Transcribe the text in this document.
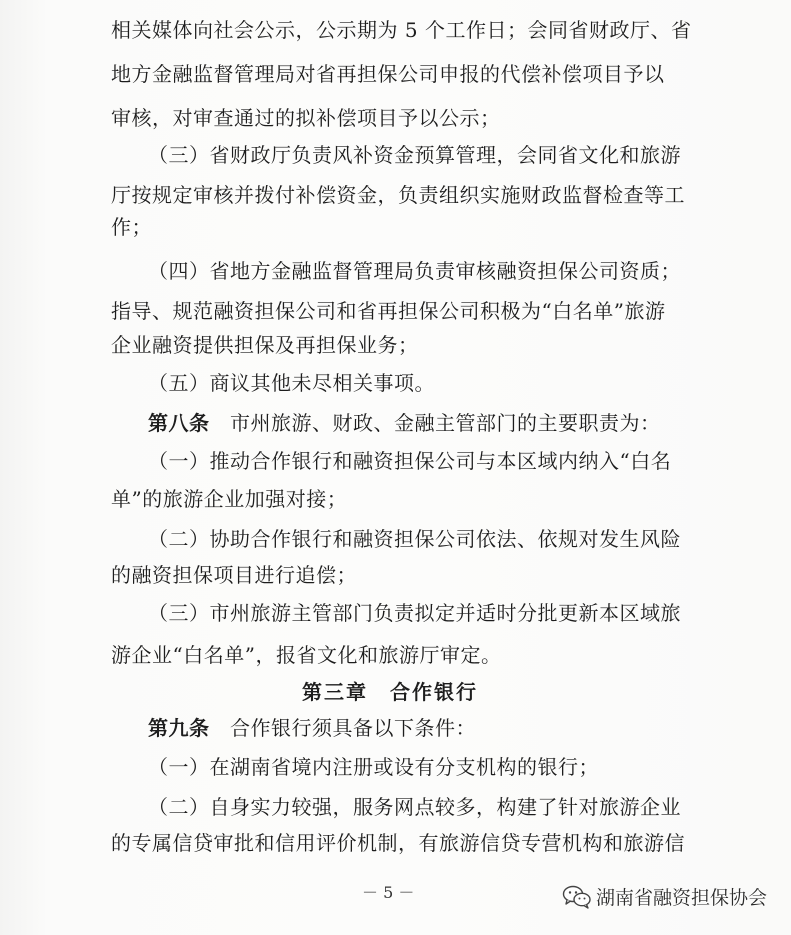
相关媒体向社会公示，公示期为 5 个工作日；会同省财政厅、省
地方金融监督管理局对省再担保公司申报的代偿补偿项目予以
审核，对审查通过的拟补偿项目予以公示；
（三）省财政厅负责风补资金预算管理，会同省文化和旅游
厅按规定审核并拨付补偿资金，负责组织实施财政监督检查等工
作；
（四）省地方金融监督管理局负责审核融资担保公司资质；
指导、规范融资担保公司和省再担保公司积极为“白名单”旅游
企业融资提供担保及再担保业务；
（五）商议其他未尽相关事项。
第八条　 市州旅游、财政、金融主管部门的主要职责为：
（一）推动合作银行和融资担保公司与本区域内纳入“白名
单”的旅游企业加强对接；
（二）协助合作银行和融资担保公司依法、依规对发生风险
的融资担保项目进行追偿；
（三）市州旅游主管部门负责拟定并适时分批更新本区域旅
游企业“白名单”，报省文化和旅游厅审定。
第三章　合作银行
第九条　 合作银行须具备以下条件：
（一）在湖南省境内注册或设有分支机构的银行；
（二）自身实力较强，服务网点较多，构建了针对旅游企业
的专属信贷审批和信用评价机制，有旅游信贷专营机构和旅游信
－ 5 －	湖南省融资担保协会
